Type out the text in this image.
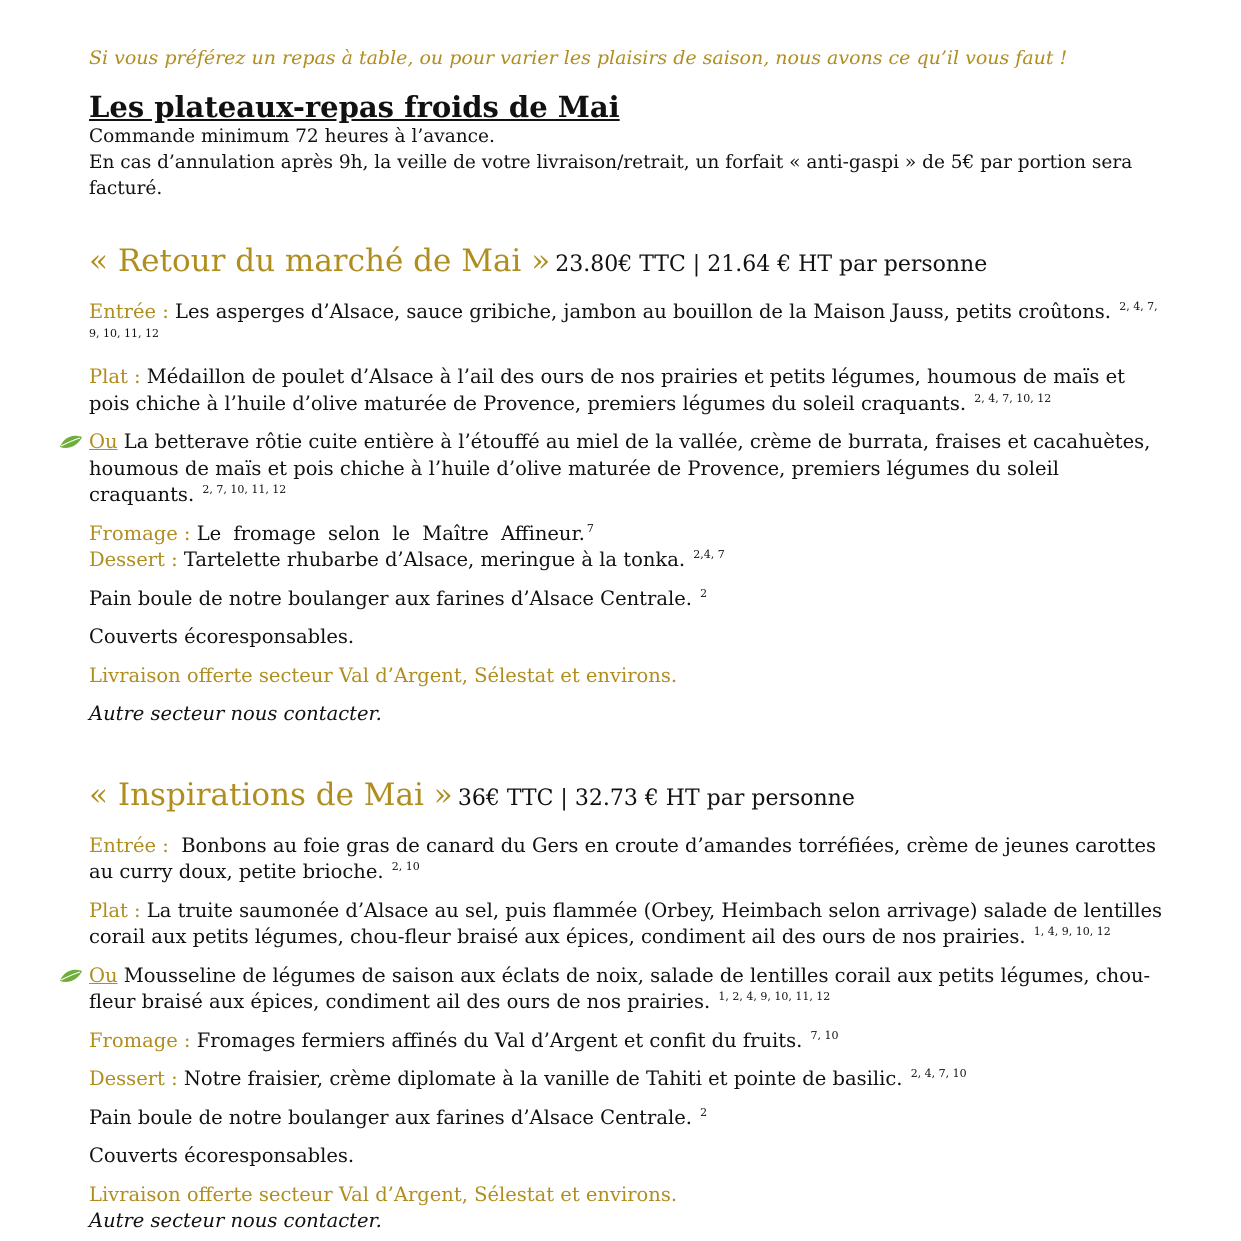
Si vous préférez un repas à table, ou pour varier les plaisirs de saison, nous avons ce qu’il vous faut !

Les plateaux-repas froids de Mai

Commande minimum 72 heures à l’avance.

En cas d’annulation après 9h, la veille de votre livraison/retrait, un forfait « anti-gaspi » de 5€ par portion sera facturé.

« Retour du marché de Mai » 23.80€ TTC | 21.64 € HT par personne

Entrée : Les asperges d’Alsace, sauce gribiche, jambon au bouillon de la Maison Jauss, petits croûtons. $^{2, 4, 7, 9, 10, 11, 12}$

Plat : Médaillon de poulet d’Alsace à l’ail des ours de nos prairies et petits légumes, houmous de maïs et pois chiche à l’huile d’olive maturée de Provence, premiers légumes du soleil craquants. $^{2, 4, 7, 10, 12}$

Ou La betterave rôtie cuite entière à l’étouffé au miel de la vallée, crème de burrata, fraises et cacahuètes, houmous de maïs et pois chiche à l’huile d’olive maturée de Provence, premiers légumes du soleil craquants. $^{2, 7, 10, 11, 12}$

Fromage : Le fromage selon le Maître Affineur. $^7$

Dessert : Tartelette rhubarbe d’Alsace, meringue à la tonka. $^{2,4, 7}$

Pain boule de notre boulanger aux farines d’Alsace Centrale. $^2$

Couverts écoresponsables.

Livraison offerte secteur Val d’Argent, Sélestat et environs.

Autre secteur nous contacter.

« Inspirations de Mai » 36€ TTC | 32.73 € HT par personne

Entrée : Bonbons au foie gras de canard du Gers en croute d’amandes torréfiées, crème de jeunes carottes au curry doux, petite brioche. $^{2, 10}$

Plat : La truite saumonée d’Alsace au sel, puis flammée (Orbey, Heimbach selon arrivage) salade de lentilles corail aux petits légumes, chou-fleur braisé aux épices, condiment ail des ours de nos prairies. $^{1, 4, 9, 10, 12}$

Ou Mousseline de légumes de saison aux éclats de noix, salade de lentilles corail aux petits légumes, chou-fleur braisé aux épices, condiment ail des ours de nos prairies. $^{1, 2, 4, 9, 10, 11, 12}$

Fromage : Fromages fermiers affinés du Val d’Argent et confit du fruits. $^{7, 10}$

Dessert : Notre fraisier, crème diplomate à la vanille de Tahiti et pointe de basilic. $^{2, 4, 7, 10}$

Pain boule de notre boulanger aux farines d’Alsace Centrale. $^2$

Couverts écoresponsables.

Livraison offerte secteur Val d’Argent, Sélestat et environs.

Autre secteur nous contacter.
